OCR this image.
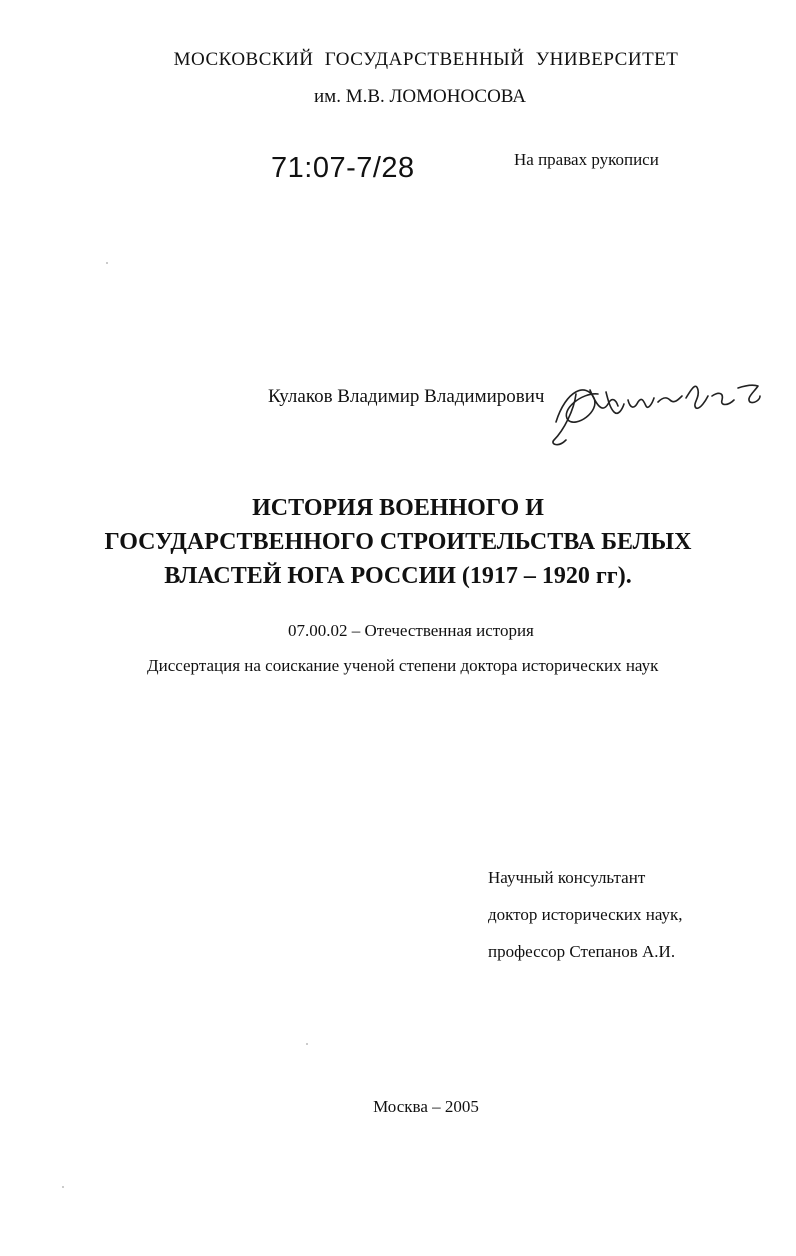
МОСКОВСКИЙ ГОСУДАРСТВЕННЫЙ УНИВЕРСИТЕТ
им. М.В. ЛОМОНОСОВА
71:07-7/28	На правах рукописи
Кулаков Владимир Владимирович
ИСТОРИЯ ВОЕННОГО И
ГОСУДАРСТВЕННОГО СТРОИТЕЛЬСТВА БЕЛЫХ
ВЛАСТЕЙ ЮГА РОССИИ (1917 – 1920 гг).
07.00.02 – Отечественная история
Диссертация на соискание ученой степени доктора исторических наук
Научный консультант
доктор исторических наук,
профессор Степанов А.И.
Москва – 2005
